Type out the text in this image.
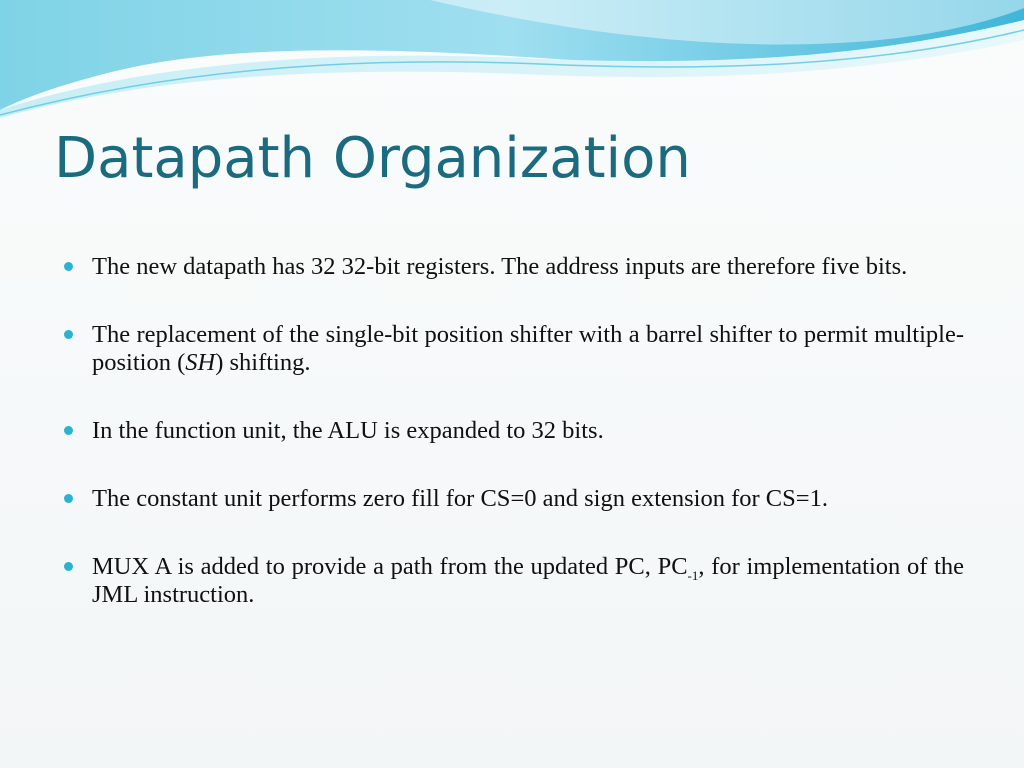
Datapath Organization
The new datapath has 32 32-bit registers. The address inputs are therefore five bits.
The replacement of the single-bit position shifter with a barrel shifter to permit multiple-position (SH) shifting.
In the function unit, the ALU is expanded to 32 bits.
The constant unit performs zero fill for CS=0 and sign extension for CS=1.
MUX A is added to provide a path from the updated PC, $PC_{-1}$, for implementation of the JML instruction.
